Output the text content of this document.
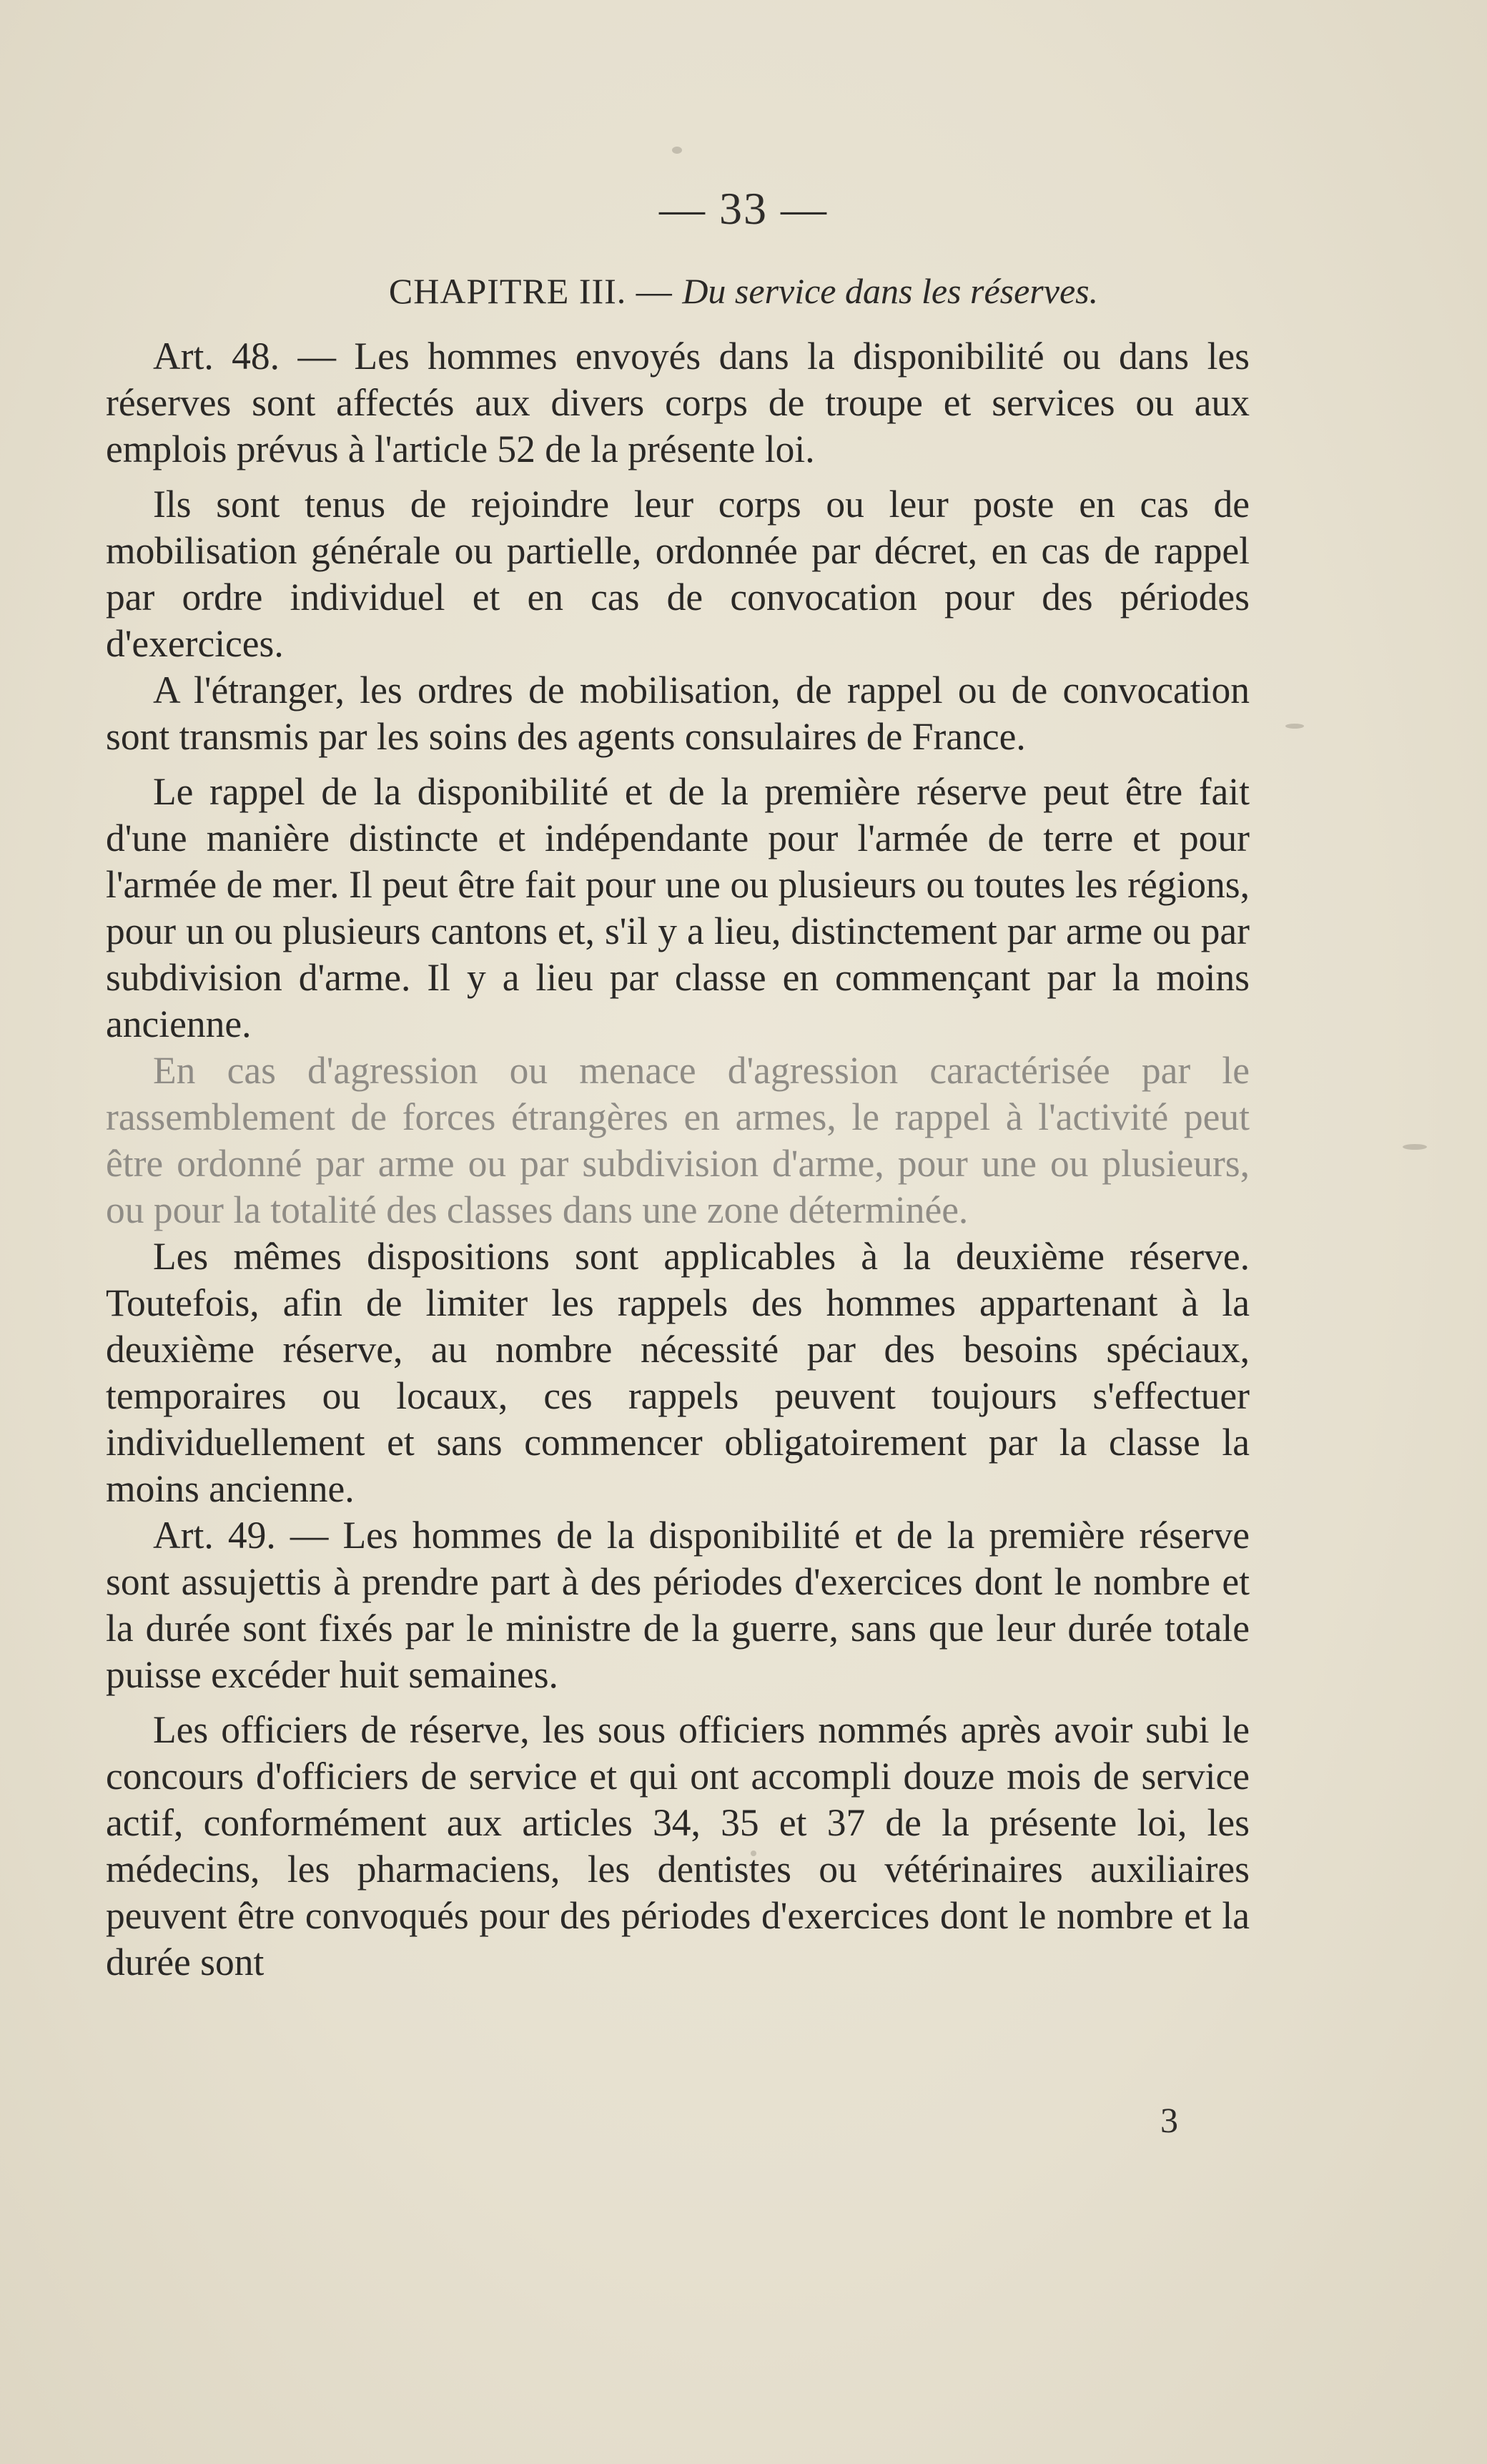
— 33 —
CHAPITRE III. — Du service dans les réserves.

Art. 48. — Les hommes envoyés dans la disponibilité ou dans les réserves sont affectés aux divers corps de troupe et services ou aux emplois prévus à l'article 52 de la présente loi.

Ils sont tenus de rejoindre leur corps ou leur poste en cas de mobilisation générale ou partielle, ordonnée par décret, en cas de rappel par ordre individuel et en cas de convocation pour des périodes d'exercices.

A l'étranger, les ordres de mobilisation, de rappel ou de convocation sont transmis par les soins des agents consulaires de France.

Le rappel de la disponibilité et de la première réserve peut être fait d'une manière distincte et indépendante pour l'armée de terre et pour l'armée de mer. Il peut être fait pour une ou plusieurs ou toutes les régions, pour un ou plusieurs cantons et, s'il y a lieu, distinctement par arme ou par subdivision d'arme. Il y a lieu par classe en commençant par la moins ancienne.

En cas d'agression ou menace d'agression caractérisée par le rassemblement de forces étrangères en armes, le rappel à l'activité peut être ordonné par arme ou par subdivision d'arme, pour une ou plusieurs, ou pour la totalité des classes dans une zone déterminée.

Les mêmes dispositions sont applicables à la deuxième réserve. Toutefois, afin de limiter les rappels des hommes appartenant à la deuxième réserve, au nombre nécessité par des besoins spéciaux, temporaires ou locaux, ces rappels peuvent toujours s'effectuer individuellement et sans commencer obligatoirement par la classe la moins ancienne.

Art. 49. — Les hommes de la disponibilité et de la première réserve sont assujettis à prendre part à des périodes d'exercices dont le nombre et la durée sont fixés par le ministre de la guerre, sans que leur durée totale puisse excéder huit semaines.

Les officiers de réserve, les sous officiers nommés après avoir subi le concours d'officiers de service et qui ont accompli douze mois de service actif, conformément aux articles 34, 35 et 37 de la présente loi, les médecins, les pharmaciens, les dentistes ou vétérinaires auxiliaires peuvent être convoqués pour des périodes d'exercices dont le nombre et la durée sont

3
